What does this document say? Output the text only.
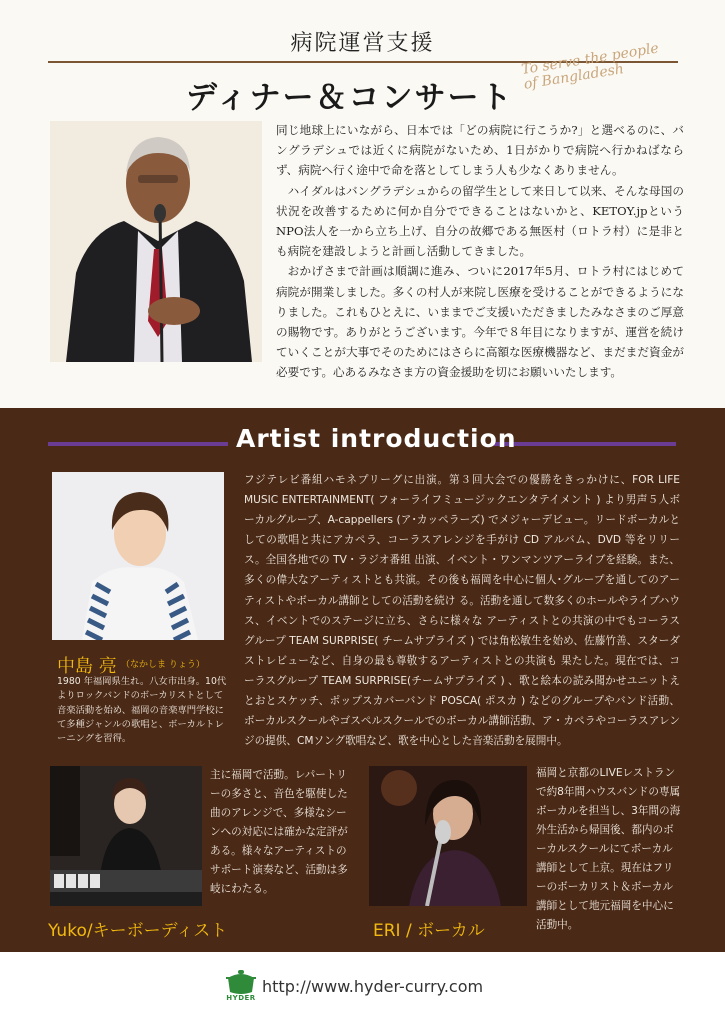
病院運営支援
ディナー＆コンサート
To serve the people of Bangladesh

同じ地球上にいながら、日本では「どの病院に行こうか?」と選べるのに、バングラデシュでは近くに病院がないため、1日がかりで病院へ行かねばならず、病院へ行く途中で命を落としてしまう人も少なくありません。

ハイダルはバングラデシュからの留学生として来日して以来、そんな母国の状況を改善するために何か自分でできることはないかと、KETOY.jpというNPO法人を一から立ち上げ、自分の故郷である無医村（ロトラ村）に是非とも病院を建設しようと計画し活動してきました。

おかげさまで計画は順調に進み、ついに2017年5月、ロトラ村にはじめて病院が開業しました。多くの村人が来院し医療を受けることができるようになりました。これもひとえに、いままでご支援いただきましたみなさまのご厚意の賜物です。ありがとうございます。今年で８年目になりますが、運営を続けていくことが大事でそのためにはさらに高額な医療機器など、まだまだ資金が必要です。心あるみなさま方の資金援助を切にお願いいたします。

Artist introduction
フジテレビ番組ハモネプリーグに出演。第３回大会での優勝をきっかけに、FOR LIFE MUSIC ENTERTAINMENT( フォーライフミュージックエンタテイメント ) より男声５人ボーカルグループ、A-cappellers (ア･カッペラーズ) でメジャーデビュー。リードボーカルとしての歌唱と共にアカペラ、コーラスアレンジを手がけ CD アルバム、DVD 等をリリース。全国各地での TV・ラジオ番組 出演、イベント・ワンマンツアーライブを経験。また、多くの偉大なアーティストとも共演。その後も福岡を中心に個人･グループを通してのアーティストやボーカル講師としての活動を続け る。活動を通して数多くのホールやライブハウス、イベントでのステージに立ち、さらに様々な アーティストとの共演の中でもコーラスグループ TEAM SURPRISE( チームサプライズ ) では角松敏生を始め、佐藤竹善、スターダストレビューなど、自身の最も尊敬するアーティストとの共演も 果たした。現在では、コーラスグループ TEAM SURPRISE(チームサプライズ ) 、歌と絵本の読み聞かせユニットえとおとスケッチ、ポップスカバーバンド POSCA( ポスカ ) などのグループやバンド活動、ボーカルスクールやゴスペルスクールでのボーカル講師活動、ア・カペラやコーラスアレンジの提供、CMソング歌唱など、歌を中心とした音楽活動を展開中。
中島 亮 （なかしま りょう）
1980 年福岡県生れ。八女市出身。10代よりロックバンドのボーカリストとして音楽活動を始め、福岡の音楽専門学校にて多種ジャンルの歌唱と、ボーカルトレーニングを習得。
主に福岡で活動。レパートリーの多さと、音色を駆使した曲のアレンジで、多様なシーンへの対応には確かな定評がある。様々なアーティストのサポート演奏など、活動は多岐にわたる。
Yuko/キーボーディスト
福岡と京都のLIVEレストランで約8年間ハウスバンドの専属ボーカルを担当し、3年間の海外生活から帰国後、都内のボーカルスクールにてボーカル講師として上京。現在はフリーのボーカリスト＆ボーカル講師として地元福岡を中心に活動中。
ERI / ボーカル
HYDER
http://www.hyder-curry.com
